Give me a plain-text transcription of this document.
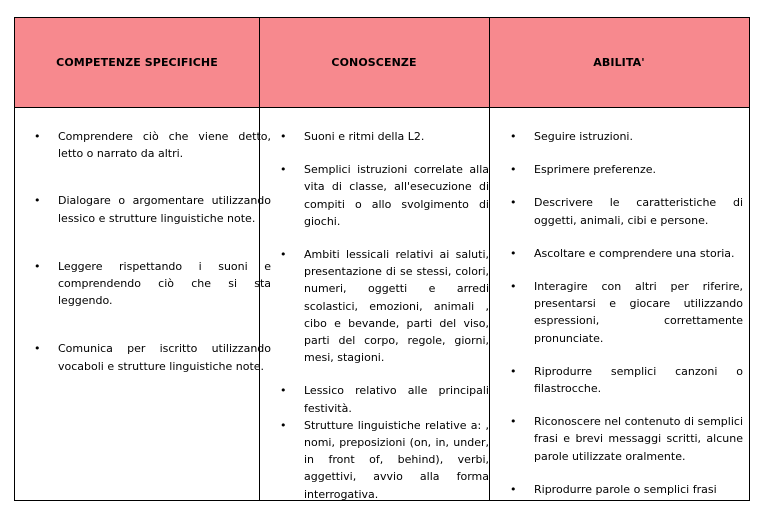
COMPETENZE SPECIFICHE	CONOSCENZE	ABILITA'
• Comprendere ciò che viene detto, letto o narrato da altri.
• Dialogare o argomentare utilizzando lessico e strutture linguistiche note.
• Leggere rispettando i suoni e comprendendo ciò che si sta leggendo.
• Comunica per iscritto utilizzando vocaboli e strutture linguistiche note.
• Suoni e ritmi della L2.
• Semplici istruzioni correlate alla vita di classe, all'esecuzione di compiti o allo svolgimento di giochi.
• Ambiti lessicali relativi ai saluti, presentazione di se stessi, colori, numeri, oggetti e arredi scolastici, emozioni, animali , cibo e bevande, parti del viso, parti del corpo, regole, giorni, mesi, stagioni.
• Lessico relativo alle principali festività.
• Strutture linguistiche relative a: , nomi, preposizioni (on, in, under, in front of, behind), verbi, aggettivi, avvio alla forma interrogativa.
• Seguire istruzioni.
• Esprimere preferenze.
• Descrivere le caratteristiche di oggetti, animali, cibi e persone.
• Ascoltare e comprendere una storia.
• Interagire con altri per riferire, presentarsi e giocare utilizzando espressioni, correttamente pronunciate.
• Riprodurre semplici canzoni o filastrocche.
• Riconoscere nel contenuto di semplici frasi e brevi messaggi scritti, alcune parole utilizzate oralmente.
• Riprodurre parole o semplici frasi
